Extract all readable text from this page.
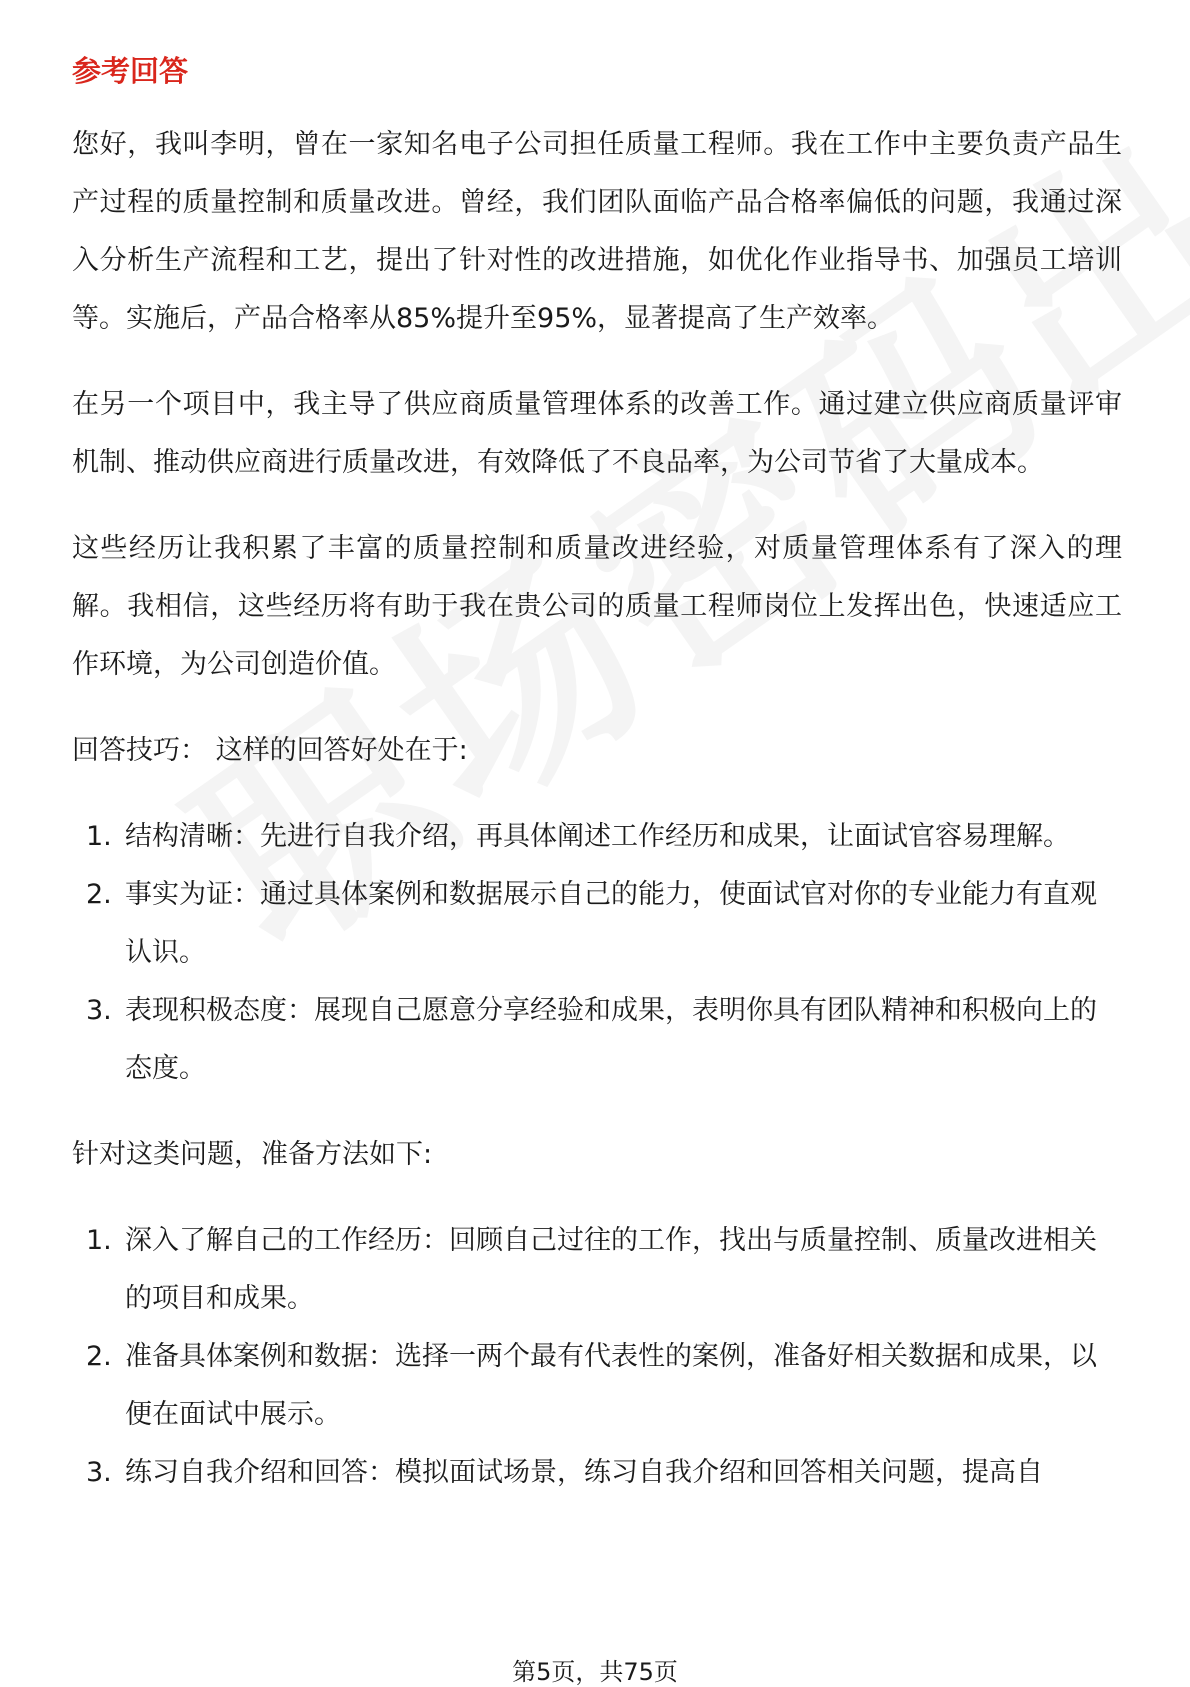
参考回答

您好，我叫李明，曾在一家知名电子公司担任质量工程师。我在工作中主要负责产品生产过程的质量控制和质量改进。曾经，我们团队面临产品合格率偏低的问题，我通过深入分析生产流程和工艺，提出了针对性的改进措施，如优化作业指导书、加强员工培训等。实施后，产品合格率从85%提升至95%，显著提高了生产效率。

在另一个项目中，我主导了供应商质量管理体系的改善工作。通过建立供应商质量评审机制、推动供应商进行质量改进，有效降低了不良品率，为公司节省了大量成本。

这些经历让我积累了丰富的质量控制和质量改进经验，对质量管理体系有了深入的理解。我相信，这些经历将有助于我在贵公司的质量工程师岗位上发挥出色，快速适应工作环境，为公司创造价值。

回答技巧： 这样的回答好处在于:
1. 结构清晰：先进行自我介绍，再具体阐述工作经历和成果，让面试官容易理解。
2. 事实为证：通过具体案例和数据展示自己的能力，使面试官对你的专业能力有直观认识。
3. 表现积极态度：展现自己愿意分享经验和成果，表明你具有团队精神和积极向上的态度。
针对这类问题，准备方法如下:
1. 深入了解自己的工作经历：回顾自己过往的工作，找出与质量控制、质量改进相关的项目和成果。
2. 准备具体案例和数据：选择一两个最有代表性的案例，准备好相关数据和成果，以便在面试中展示。
3. 练习自我介绍和回答：模拟面试场景，练习自我介绍和回答相关问题，提高自
第5页，共75页
